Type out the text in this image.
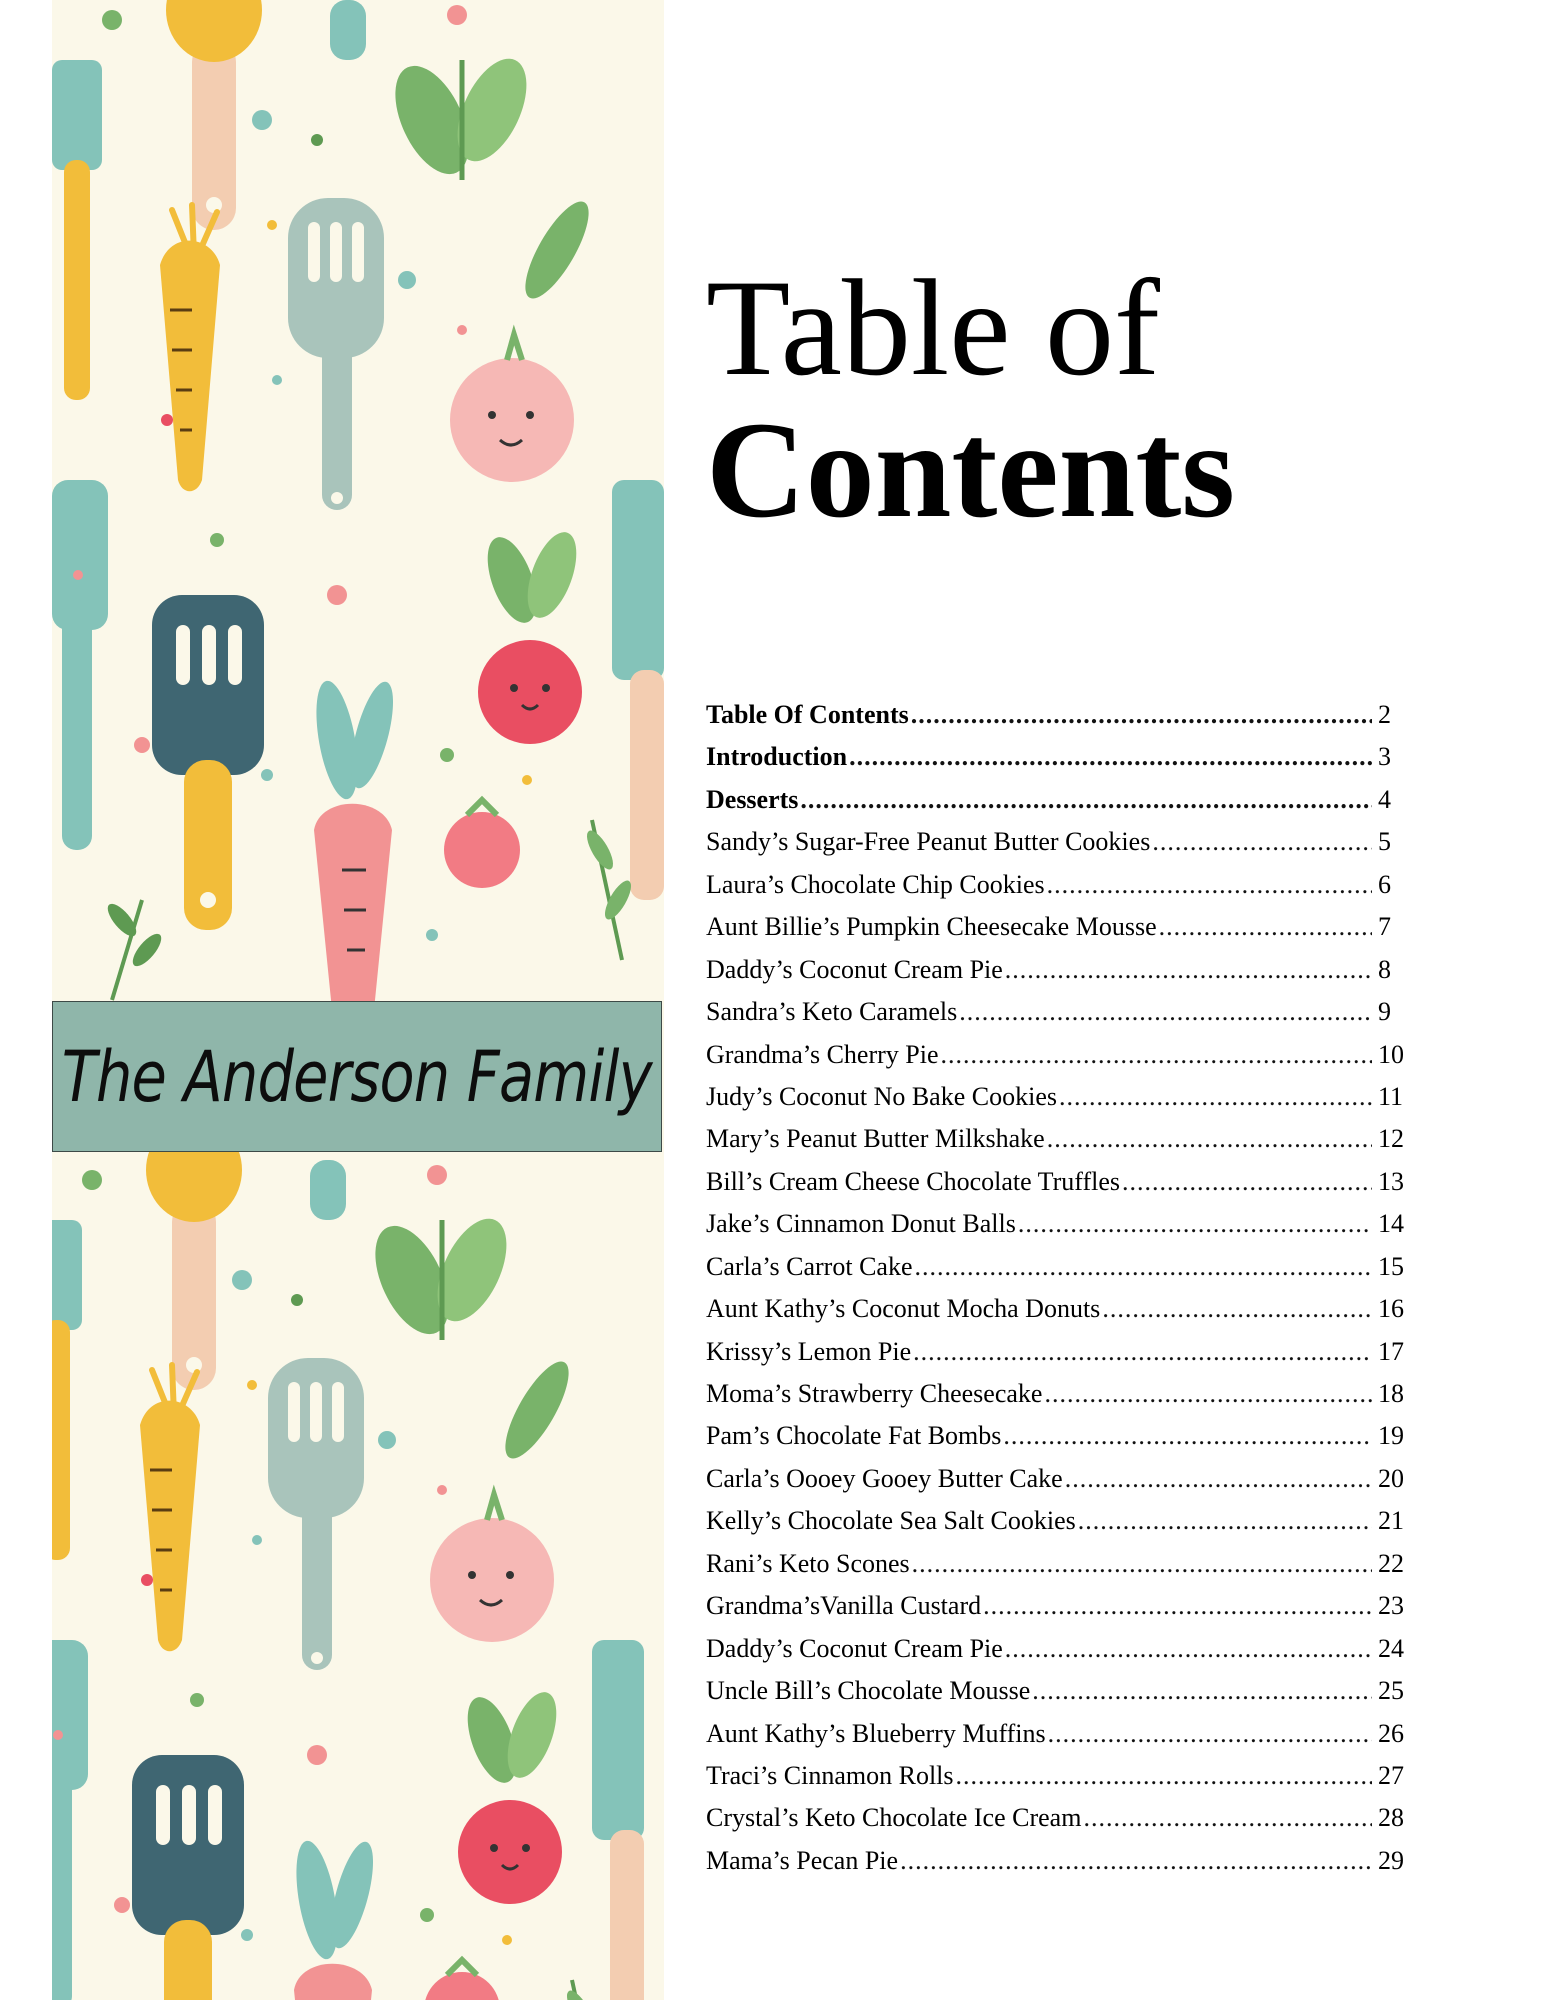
The Anderson Family
Table of
Contents
Table Of Contents .....	2
Introduction .....	3
Desserts .....	4
Sandy’s Sugar-Free Peanut Butter Cookies .....	5
Laura’s Chocolate Chip Cookies .....	6
Aunt Billie’s Pumpkin Cheesecake Mousse .....	7
Daddy’s Coconut Cream Pie .....	8
Sandra’s Keto Caramels .....	9
Grandma’s Cherry Pie .....	10
Judy’s Coconut No Bake Cookies .....	11
Mary’s Peanut Butter Milkshake .....	12
Bill’s Cream Cheese Chocolate Truffles .....	13
Jake’s Cinnamon Donut Balls .....	14
Carla’s Carrot Cake .....	15
Aunt Kathy’s Coconut Mocha Donuts .....	16
Krissy’s Lemon Pie .....	17
Moma’s Strawberry Cheesecake .....	18
Pam’s Chocolate Fat Bombs .....	19
Carla’s Oooey Gooey Butter Cake .....	20
Kelly’s Chocolate Sea Salt Cookies .....	21
Rani’s Keto Scones .....	22
Grandma’sVanilla Custard .....	23
Daddy’s Coconut Cream Pie .....	24
Uncle Bill’s Chocolate Mousse .....	25
Aunt Kathy’s Blueberry Muffins .....	26
Traci’s Cinnamon Rolls .....	27
Crystal’s Keto Chocolate Ice Cream .....	28
Mama’s Pecan Pie .....	29
